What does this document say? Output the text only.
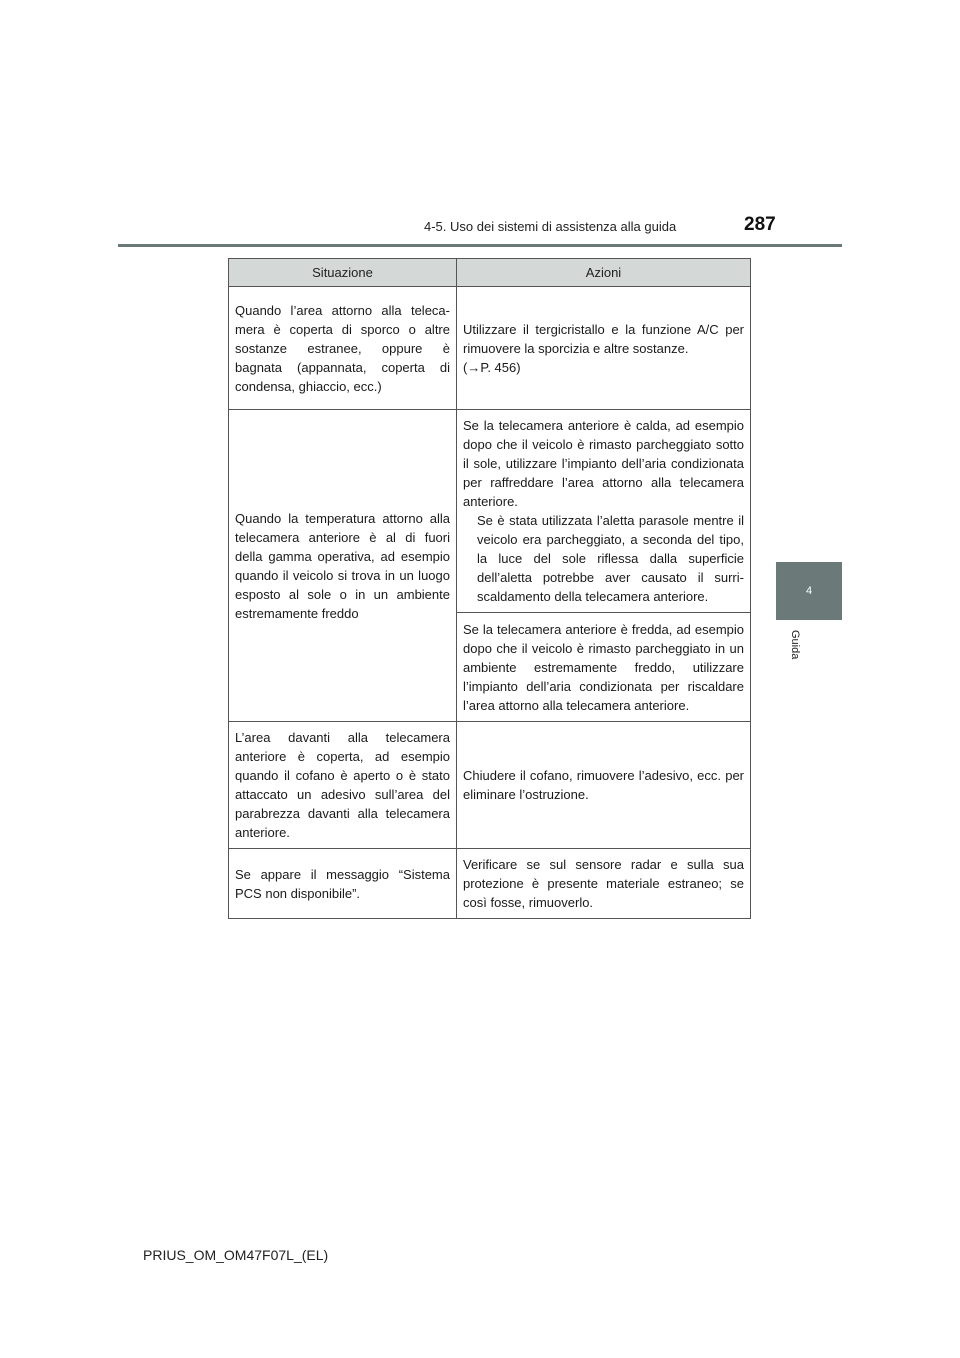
4-5. Uso dei sistemi di assistenza alla guida	287
4
Guida
Situazione	Azioni
Quando l’area attorno alla telecamera è coperta di sporco o altre sostanze estranee, oppure è bagnata (appannata, coperta di condensa, ghiaccio, ecc.)	Utilizzare il tergicristallo e la funzione A/C per rimuovere la sporcizia e altre sostanze.
(→P. 456)
Quando la temperatura attorno alla telecamera anteriore è al di fuori della gamma operativa, ad esempio quando il veicolo si trova in un luogo esposto al sole o in un ambiente estremamente freddo	Se la telecamera anteriore è calda, ad esempio dopo che il veicolo è rimasto parcheggiato sotto il sole, utilizzare l’impianto dell’aria condizionata per raffreddare l’area attorno alla telecamera anteriore.
Se è stata utilizzata l’aletta parasole mentre il veicolo era parcheggiato, a seconda del tipo, la luce del sole riflessa dalla superficie dell’aletta potrebbe aver causato il surriscaldamento della telecamera anteriore.

	Se la telecamera anteriore è fredda, ad esempio dopo che il veicolo è rimasto parcheggiato in un ambiente estremamente freddo, utilizzare l’impianto dell’aria condizionata per riscaldare l’area attorno alla telecamera anteriore.
L’area davanti alla telecamera anteriore è coperta, ad esempio quando il cofano è aperto o è stato attaccato un adesivo sull’area del parabrezza davanti alla telecamera anteriore.	Chiudere il cofano, rimuovere l’adesivo, ecc. per eliminare l’ostruzione.
Se appare il messaggio “Sistema PCS non disponibile”.	Verificare se sul sensore radar e sulla sua protezione è presente materiale estraneo; se così fosse, rimuoverlo.
PRIUS_OM_OM47F07L_(EL)
